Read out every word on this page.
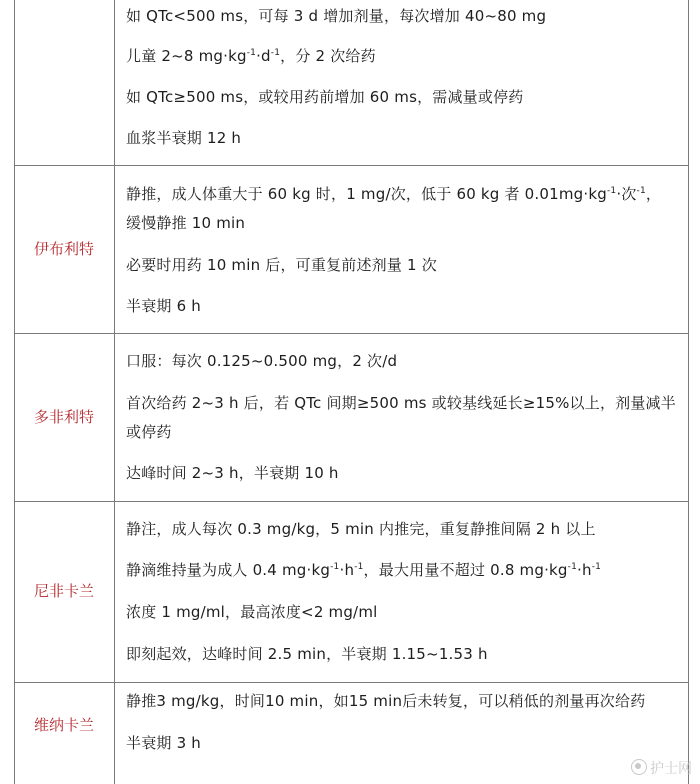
伊布利特
多非利特
尼非卡兰
维纳卡兰
如 QTc<500 ms，可每 3 d 增加剂量，每次增加 40~80 mg
儿童 2~8 $mg\cdot kg^{-1}\cdot d^{-1}$，分 2 次给药
如 QTc≥500 ms，或较用药前增加 60 ms，需减量或停药
血浆半衰期 12 h
静推，成人体重大于 60 kg 时，1 mg/次，低于 60 kg 者 $0.01mg\cdot kg^{-1}\cdot$次$^{-1}$，
缓慢静推 10 min
必要时用药 10 min 后，可重复前述剂量 1 次
半衰期 6 h
口服：每次 0.125~0.500 mg，2 次/d
首次给药 2~3 h 后，若 QTc 间期≥500 ms 或较基线延长≥15%以上，剂量减半
或停药
达峰时间 2~3 h，半衰期 10 h
静注，成人每次 0.3 mg/kg，5 min 内推完，重复静推间隔 2 h 以上
静滴维持量为成人 0.4 $mg\cdot kg^{-1}\cdot h^{-1}$，最大用量不超过 0.8 $mg\cdot kg^{-1}\cdot h^{-1}$
浓度 1 mg/ml，最高浓度<2 mg/ml
即刻起效，达峰时间 2.5 min，半衰期 1.15~1.53 h
静推3 mg/kg，时间10 min，如15 min后未转复，可以稍低的剂量再次给药
半衰期 3 h
护士网
